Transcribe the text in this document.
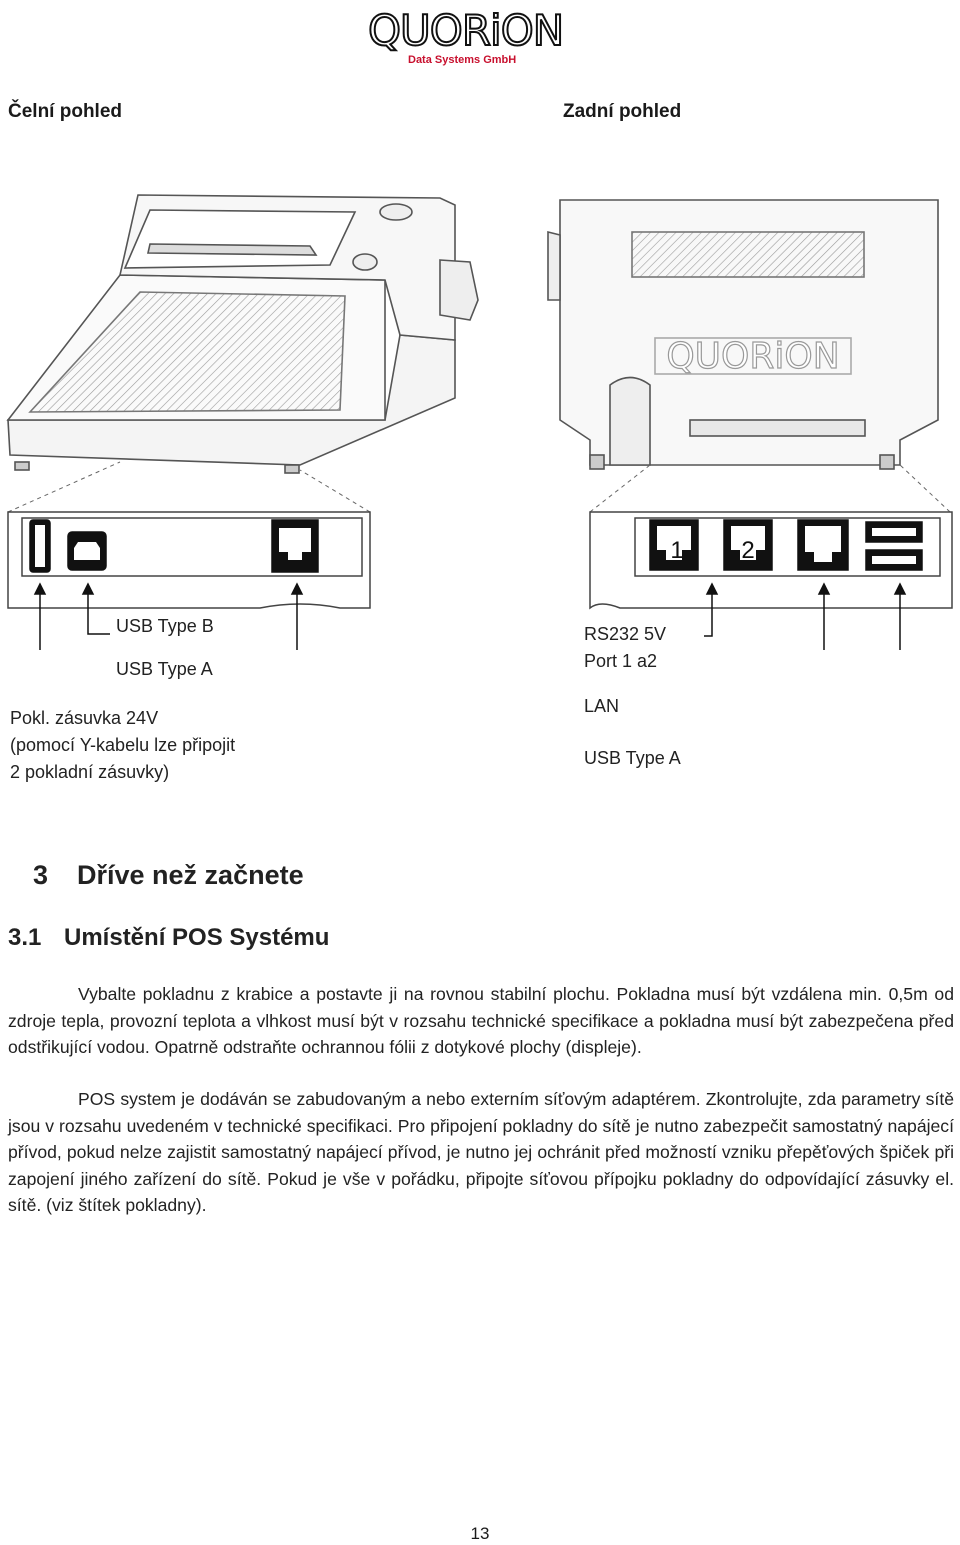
QUORiON
Data Systems GmbH
Čelní pohled	Zadní pohled
QUORiON
1 2
USB Type B
USB Type A
Pokl. zásuvka 24V
(pomocí Y-kabelu lze připojit
2 pokladní zásuvky)
RS232 5V
Port 1 a2
LAN
USB Type A
3 Dříve než začnete
3.1 Umístění POS Systému

Vybalte pokladnu z krabice a postavte ji na rovnou stabilní plochu. Pokladna musí být vzdálena min. 0,5m od zdroje tepla, provozní teplota a vlhkost musí být v rozsahu technické specifikace a pokladna musí být zabezpečena před odstřikující vodou. Opatrně odstraňte ochrannou fólii z dotykové plochy (displeje).

POS system je dodáván se zabudovaným a nebo externím síťovým adaptérem. Zkontrolujte, zda parametry sítě jsou v rozsahu uvedeném v technické specifikaci. Pro připojení pokladny do sítě je nutno zabezpečit samostatný napájecí přívod, pokud nelze zajistit samostatný napájecí přívod, je nutno jej ochránit před možností vzniku přepěťových špiček při zapojení jiného zařízení do sítě. Pokud je vše v pořádku, připojte síťovou přípojku pokladny do odpovídající zásuvky el. sítě. (viz štítek pokladny).

13
